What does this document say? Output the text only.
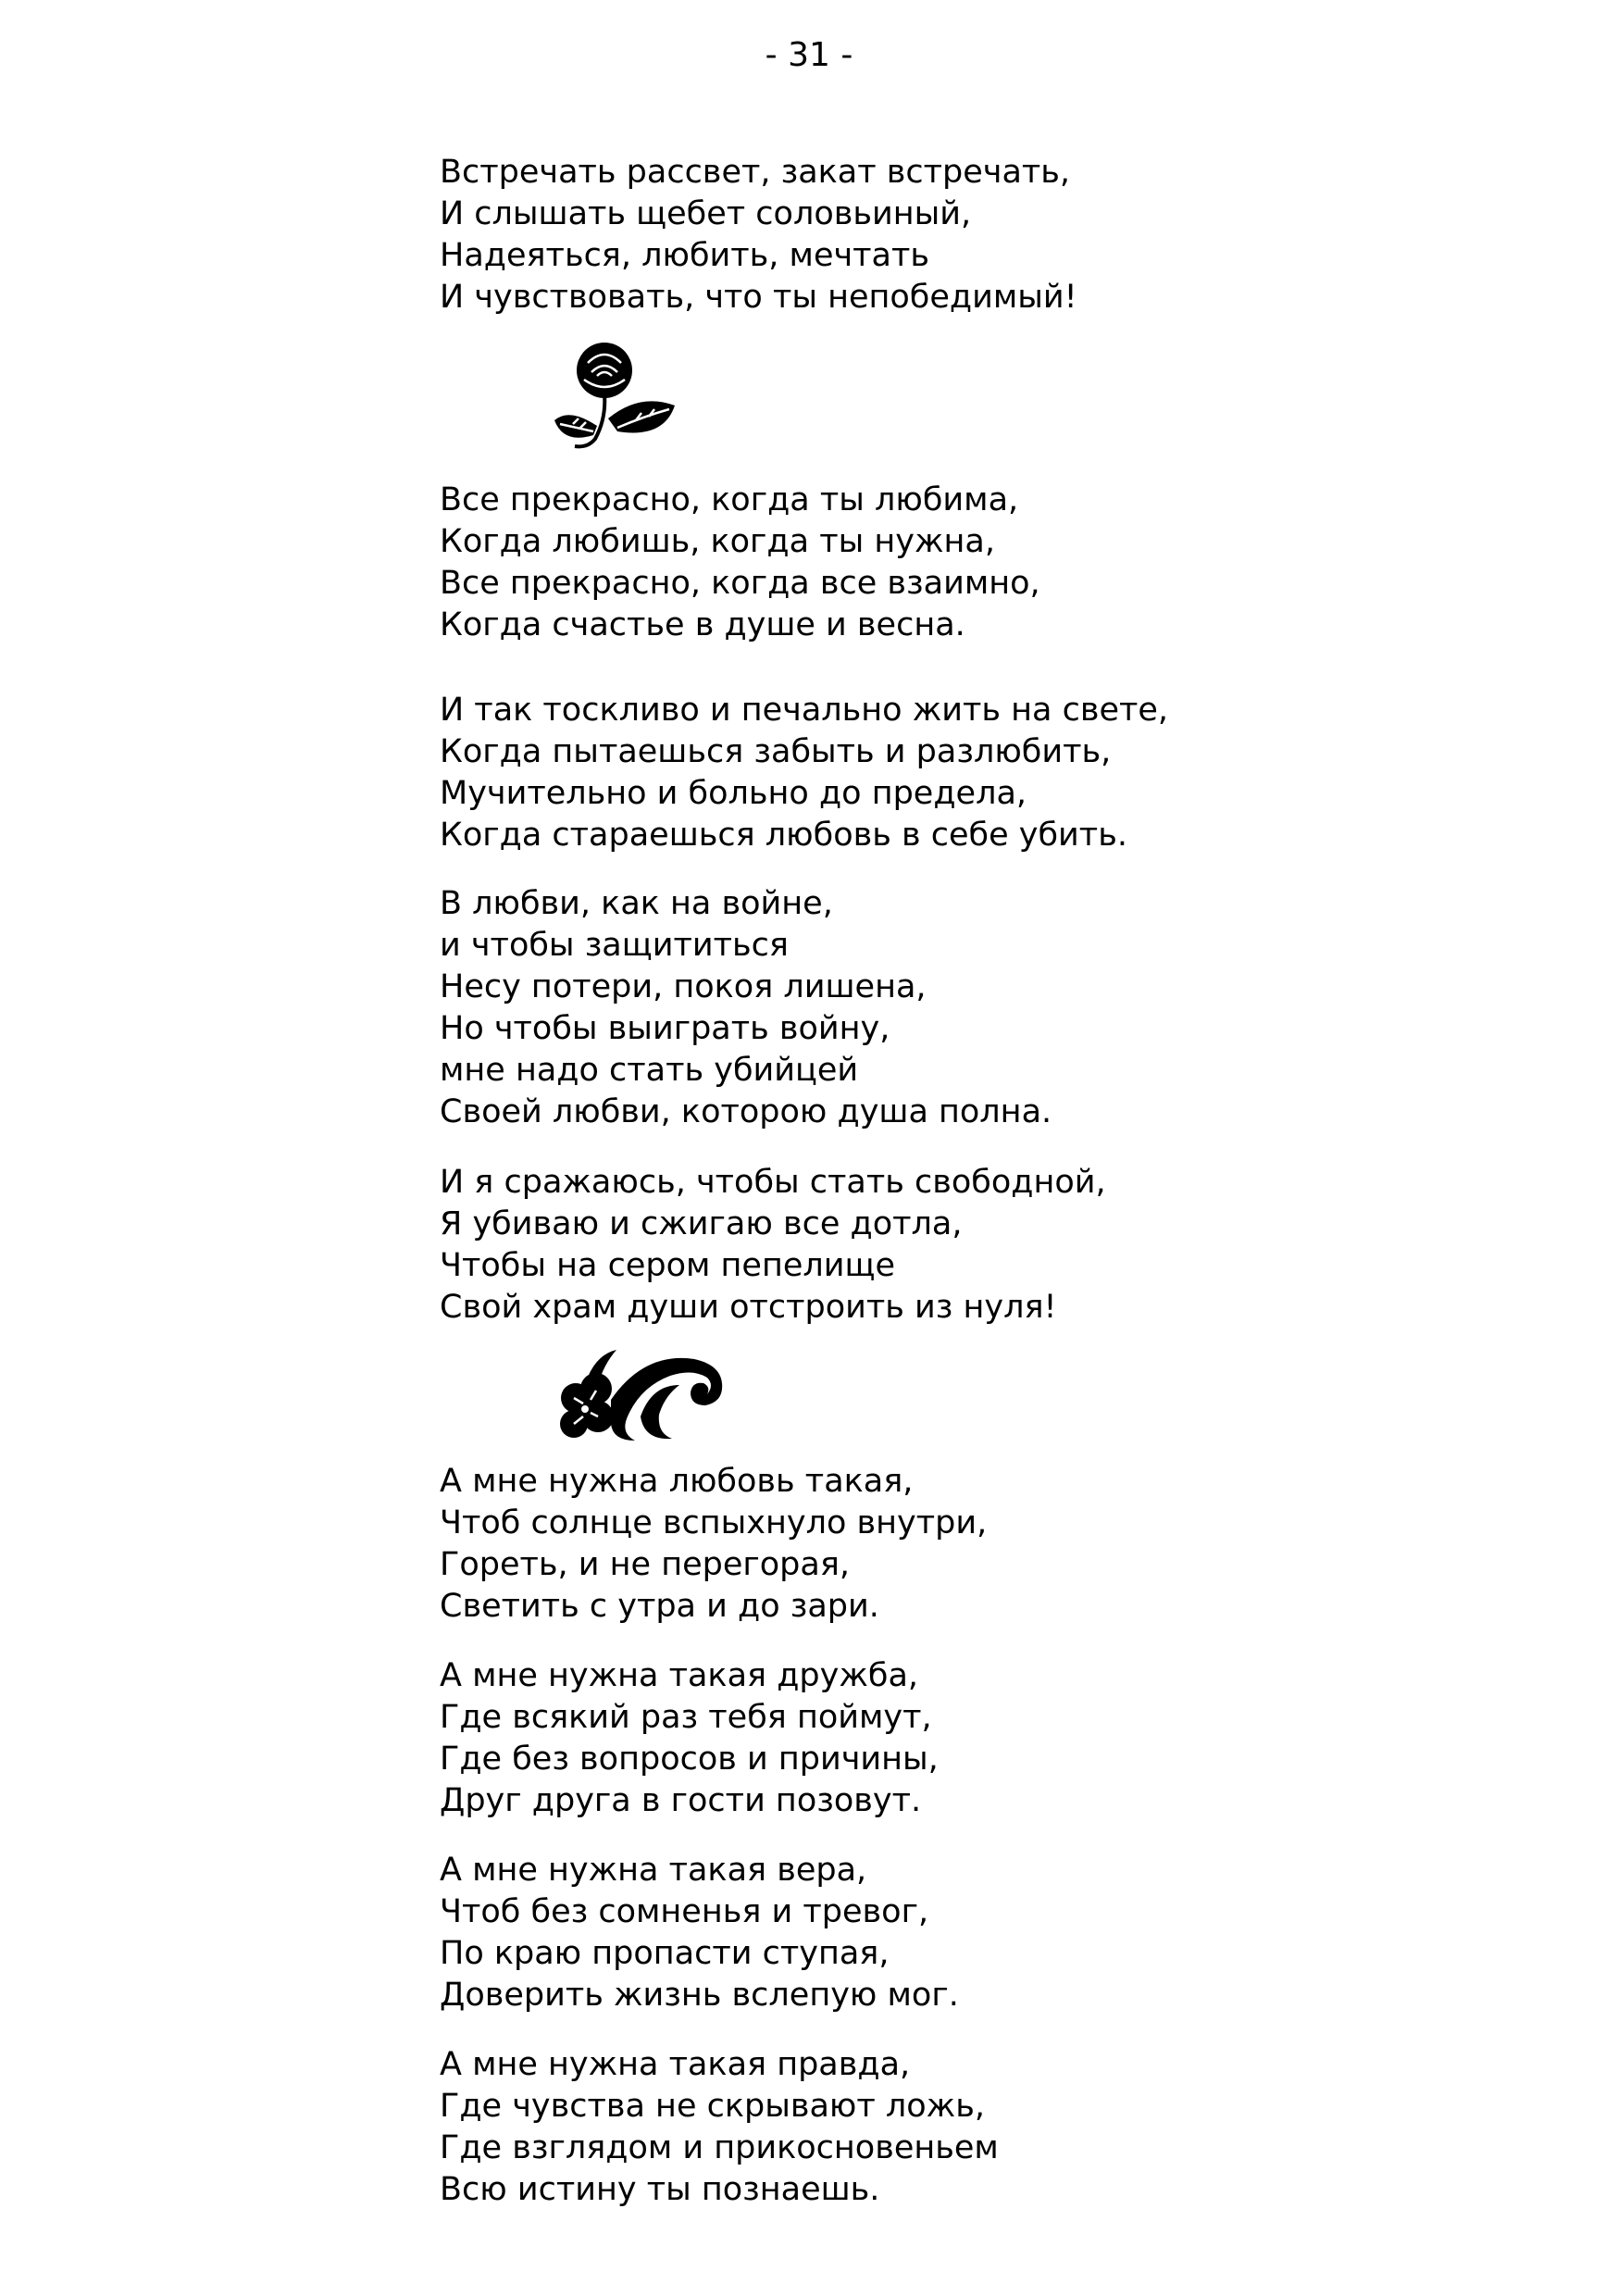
- 31 -
Встречать рассвет, закат встречать,
И слышать щебет соловьиный,
Надеяться, любить, мечтать
И чувствовать, что ты непобедимый!
Все прекрасно, когда ты любима,
Когда любишь, когда ты нужна,
Все прекрасно, когда все взаимно,
Когда счастье в душе и весна.
И так тоскливо и печально жить на свете,
Когда пытаешься забыть и разлюбить,
Мучительно и больно до предела,
Когда стараешься любовь в себе убить.
В любви, как на войне,
и чтобы защититься
Несу потери, покоя лишена,
Но чтобы выиграть войну,
мне надо стать убийцей
Своей любви, которою душа полна.
И я сражаюсь, чтобы стать свободной,
Я убиваю и сжигаю все дотла,
Чтобы на сером пепелище
Свой храм души отстроить из нуля!
А мне нужна любовь такая,
Чтоб солнце вспыхнуло внутри,
Гореть, и не перегорая,
Светить с утра и до зари.
А мне нужна такая дружба,
Где всякий раз тебя поймут,
Где без вопросов и причины,
Друг друга в гости позовут.
А мне нужна такая вера,
Чтоб без сомненья и тревог,
По краю пропасти ступая,
Доверить жизнь вслепую мог.
А мне нужна такая правда,
Где чувства не скрывают ложь,
Где взглядом и прикосновеньем
Всю истину ты познаешь.
